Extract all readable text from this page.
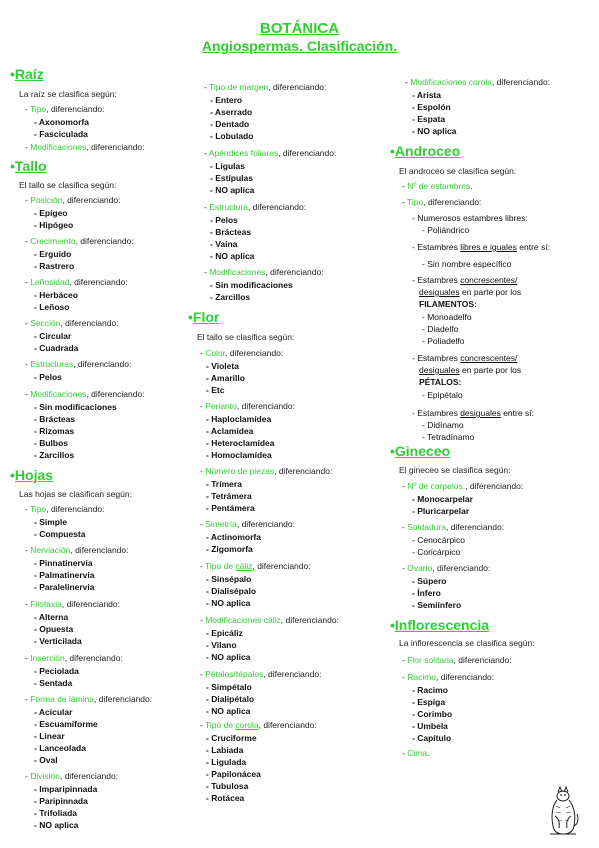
BOTÁNICA
Angiospermas. Clasificación.
•Raíz
La raíz se clasifica según:
- Tipo, diferenciando:
- Axonomorfa
- Fasciculada
- Modificaciones, diferenciando:
•Tallo
El tallo se clasifica según:
- Posición, diferenciando:
- Epígeo
- Hipógeo
- Crecimiento, diferenciando:
- Erguido
- Rastrero
- Leñosidad, diferenciando:
- Herbáceo
- Leñoso
- Sección, diferenciando:
- Circular
- Cuadrada
- Estructuras, diferenciando:
- Pelos
- Modificaciones, diferenciando:
- Sin modificaciones
- Brácteas
- Rizomas
- Bulbos
- Zarcillos
•Hojas
Las hojas se clasifican según:
- Tipo, diferenciando:
- Simple
- Compuesta
- Nerviación, diferenciando:
- Pinnatinervia
- Palmatinervia
- Paralelinervia
- Filotaxia, diferenciando:
- Alterna
- Opuesta
- Verticilada
- Inserción, diferenciando:
- Peciolada
- Sentada
- Forma de lámina, diferenciando:
- Acicular
- Escuamiforme
- Linear
- Lanceolada
- Oval
- División, diferenciando:
- Imparipinnada
- Paripinnada
- Trifoliada
- NO aplica
- Tipo de margen, diferenciando:
- Entero
- Aserrado
- Dentado
- Lobulado
- Apéndices foliares, diferenciando:
- Lígulas
- Estípulas
- NO aplica
- Estructura, diferenciando:
- Pelos
- Brácteas
- Vaina
- NO aplica
- Modificaciones, diferenciando:
- Sin modificaciones
- Zarcillos
•Flor
El tallo se clasifica según:
- Color, diferenciando:
- Violeta
- Amarillo
- Etc
- Perianto, diferenciando:
- Haploclamídea
- Aclamídea
- Heteroclamídea
- Homoclamídea
- Número de piezas, diferenciando:
- Trímera
- Tetrámera
- Pentámera
- Simetría, diferenciando:
- Actinomorfa
- Zigomorfa
- Tipo de cáliz, diferenciando:
- Sinsépalo
- Dialisépalo
- NO aplica
- Modificaciones cáliz, diferenciando:
- Epicáliz
- Vilano
- NO aplica
- Pétalos/tépalos, diferenciando:
- Simpétalo
- Dialipétalo
- NO aplica
- Tipo de corola, diferenciando:
- Cruciforme
- Labiada
- Ligulada
- Papilonácea
- Tubulosa
- Rotácea
- Modificaciones corola, diferenciando:
- Arista
- Espolón
- Espata
- NO aplica
•Androceo
El androceo se clasifica según:
- Nº de estambres.
- Tipo, diferenciando:
- Numerosos estambres libres:
- Poliándrico
- Estambres libres e iguales entre sí:
- Sin nombre específico
- Estambres concrescentes/
desiguales en parte por los
FILAMENTOS:
- Monoadelfo
- Diadelfo
- Poliadelfo
- Estambres concrescentes/
desiguales en parte por los
PÉTALOS:
- Epipétalo
- Estambres desiguales entre sí:
- Didínamo
- Tetradínamo
•Gineceo
El gineceo se clasifica según:
- Nº de carpelos., diferenciando:
- Monocarpelar
- Pluricarpelar
- Soldadura, diferenciando:
- Cenocárpico
- Coricárpico
- Ovario, diferenciando:
- Súpero
- Ínfero
- Semiínfero
•Inflorescencia
La inflorescencia se clasifica según:
- Flor solitaria, diferenciando:
- Racimo, diferenciando:
- Racimo
- Espiga
- Corimbo
- Umbela
- Capítulo
- Cima.
